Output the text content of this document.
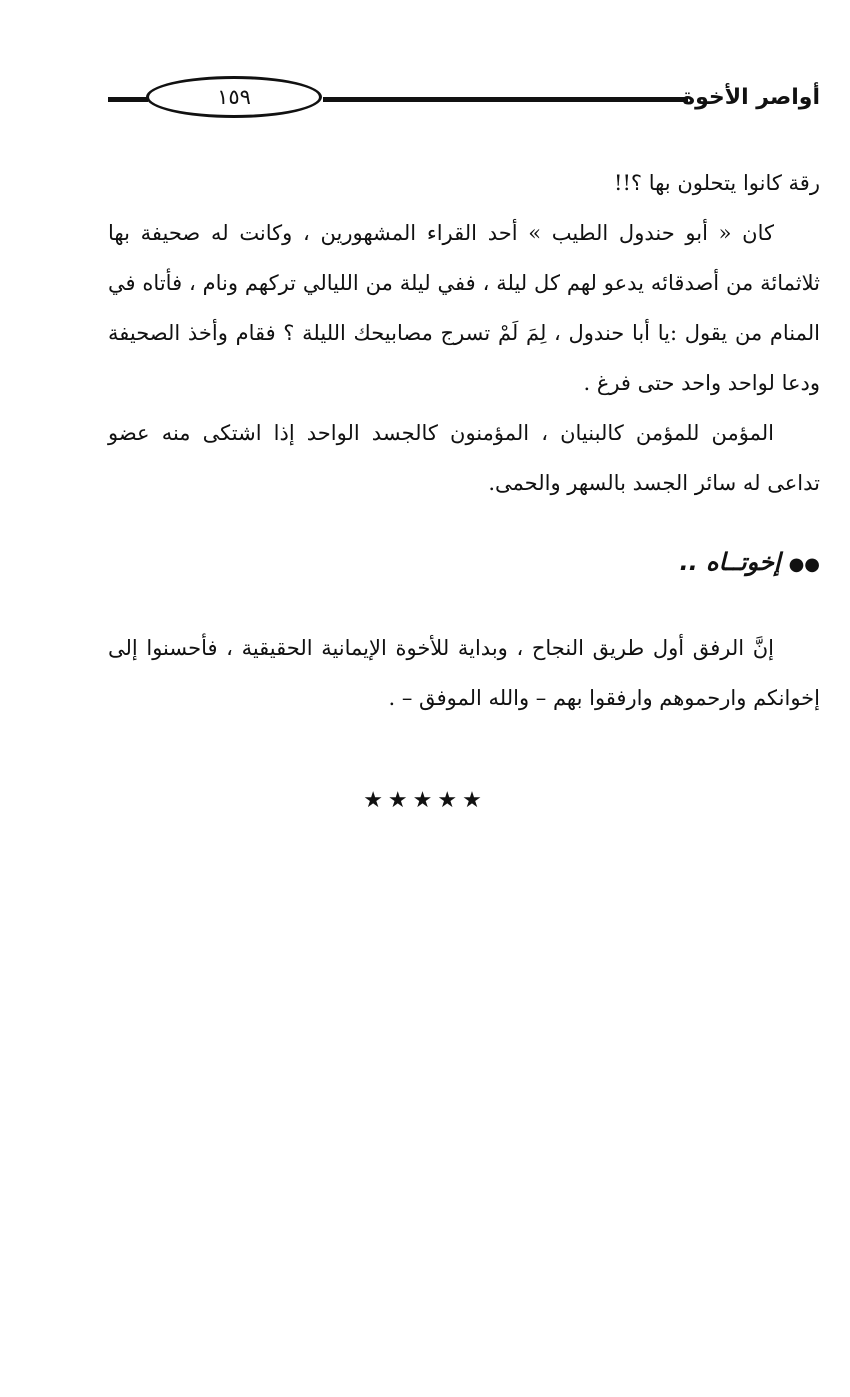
١٥٩	أواصر الأخوة

رقة كانوا يتحلون بها ؟!!

كان « أبو حندول الطيب » أحد القراء المشهورين ، وكانت له صحيفة بها ثلاثمائة من أصدقائه يدعو لهم كل ليلة ، ففي ليلة من الليالي تركهم ونام ، فأتاه في المنام من يقول :يا أبا حندول ، لِمَ لَمْ تسرج مصابيحك الليلة ؟ فقام وأخذ الصحيفة ودعا لواحد واحد حتى فرغ .

المؤمن للمؤمن كالبنيان ، المؤمنون كالجسد الواحد إذا اشتكى منه عضو تداعى له سائر الجسد بالسهر والحمى.

●●إخوتــاه ..

إنَّ الرفق أول طريق النجاح ، وبداية للأخوة الإيمانية الحقيقية ، فأحسنوا إلى إخوانكم وارحموهم وارفقوا بهم – والله الموفق – .

★★★★★
